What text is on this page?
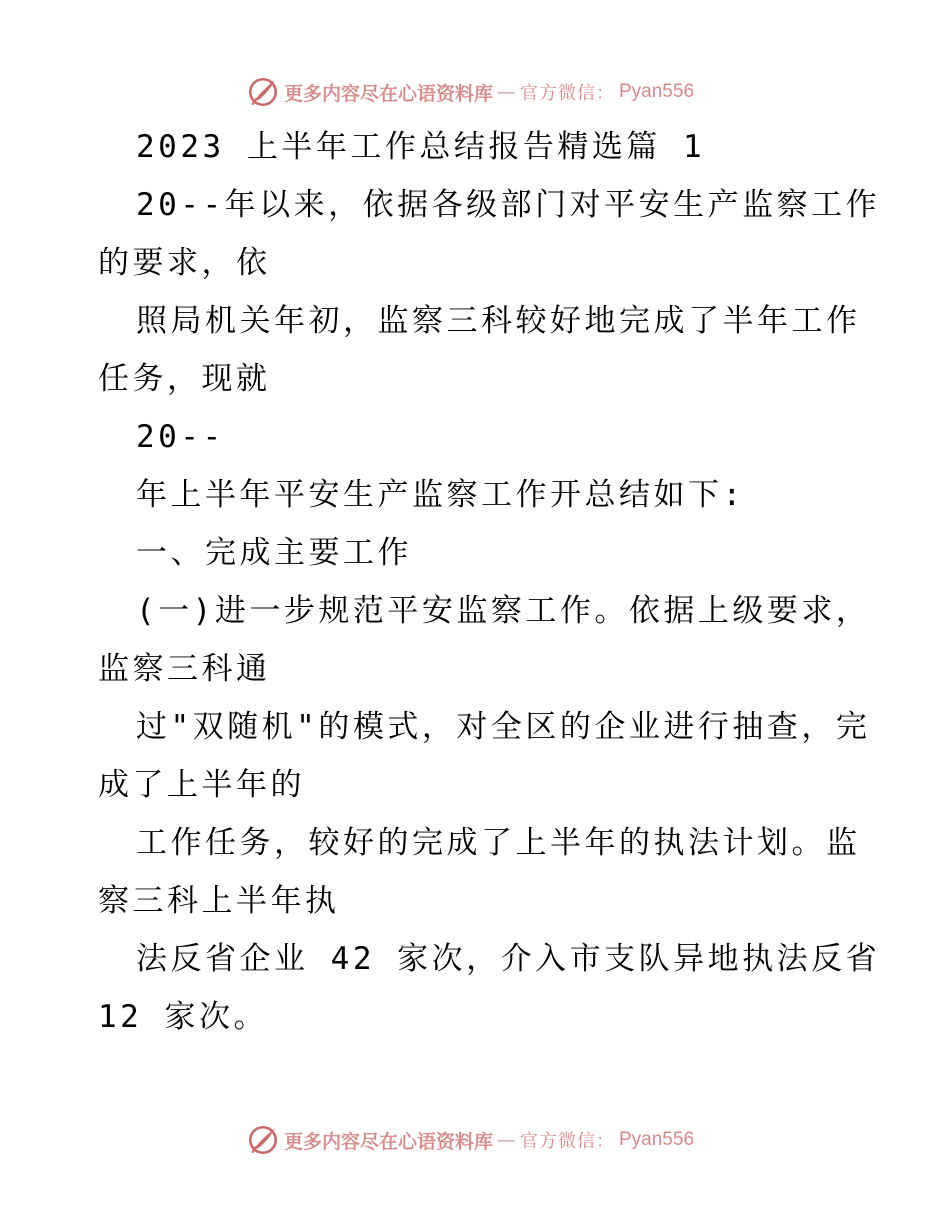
更多内容尽在心语资料库 — 官方微信： Pyan556
2023 上半年工作总结报告精选篇 1
20--年以来，依据各级部门对平安生产监察工作
的要求，依
照局机关年初，监察三科较好地完成了半年工作
任务，现就
20--
年上半年平安生产监察工作开总结如下:
一、完成主要工作
(一)进一步规范平安监察工作。依据上级要求，
监察三科通
过"双随机"的模式，对全区的企业进行抽查，完
成了上半年的
工作任务，较好的完成了上半年的执法计划。监
察三科上半年执
法反省企业 42 家次，介入市支队异地执法反省
12 家次。
更多内容尽在心语资料库 — 官方微信： Pyan556
